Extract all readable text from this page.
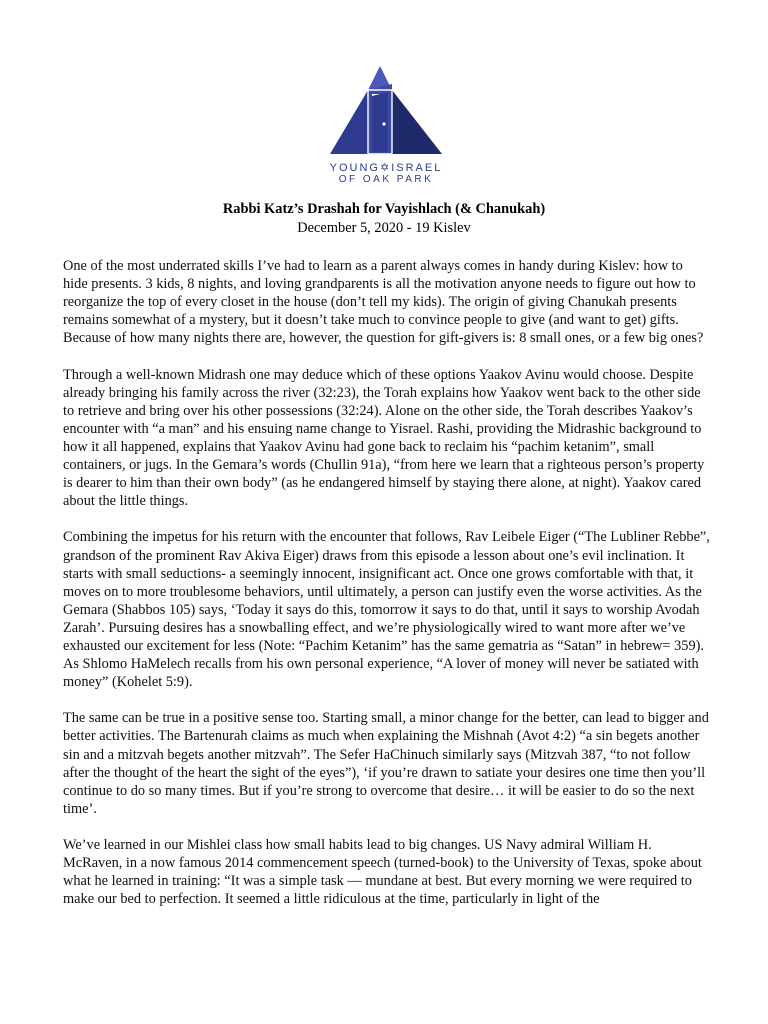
YOUNG✡ISRAEL
OF OAK PARK
Rabbi Katz’s Drashah for Vayishlach (& Chanukah)
December 5, 2020 - 19 Kislev

One of the most underrated skills I’ve had to learn as a parent always comes in handy during Kislev: how to hide presents. 3 kids, 8 nights, and loving grandparents is all the motivation anyone needs to figure out how to reorganize the top of every closet in the house (don’t tell my kids). The origin of giving Chanukah presents remains somewhat of a mystery, but it doesn’t take much to convince people to give (and want to get) gifts. Because of how many nights there are, however, the question for gift-givers is: 8 small ones, or a few big ones?

Through a well-known Midrash one may deduce which of these options Yaakov Avinu would choose. Despite already bringing his family across the river (32:23), the Torah explains how Yaakov went back to the other side to retrieve and bring over his other possessions (32:24). Alone on the other side, the Torah describes Yaakov’s encounter with “a man” and his ensuing name change to Yisrael. Rashi, providing the Midrashic background to how it all happened, explains that Yaakov Avinu had gone back to reclaim his “pachim ketanim”, small containers, or jugs. In the Gemara’s words (Chullin 91a), “from here we learn that a righteous person’s property is dearer to him than their own body” (as he endangered himself by staying there alone, at night). Yaakov cared about the little things.

Combining the impetus for his return with the encounter that follows, Rav Leibele Eiger (“The Lubliner Rebbe”, grandson of the prominent Rav Akiva Eiger) draws from this episode a lesson about one’s evil inclination. It starts with small seductions- a seemingly innocent, insignificant act. Once one grows comfortable with that, it moves on to more troublesome behaviors, until ultimately, a person can justify even the worse activities. As the Gemara (Shabbos 105) says, ‘Today it says do this, tomorrow it says to do that, until it says to worship Avodah Zarah’. Pursuing desires has a snowballing effect, and we’re physiologically wired to want more after we’ve exhausted our excitement for less (Note: “Pachim Ketanim” has the same gematria as “Satan” in hebrew= 359). As Shlomo HaMelech recalls from his own personal experience, “A lover of money will never be satiated with money” (Kohelet 5:9).

The same can be true in a positive sense too. Starting small, a minor change for the better, can lead to bigger and better activities. The Bartenurah claims as much when explaining the Mishnah (Avot 4:2) “a sin begets another sin and a mitzvah begets another mitzvah”. The Sefer HaChinuch similarly says (Mitzvah 387, “to not follow after the thought of the heart the sight of the eyes”), ‘if you’re drawn to satiate your desires one time then you’ll continue to do so many times. But if you’re strong to overcome that desire… it will be easier to do so the next time’.

We’ve learned in our Mishlei class how small habits lead to big changes. US Navy admiral William H. McRaven, in a now famous 2014 commencement speech (turned-book) to the University of Texas, spoke about what he learned in training: “It was a simple task — mundane at best. But every morning we were required to make our bed to perfection. It seemed a little ridiculous at the time, particularly in light of the
